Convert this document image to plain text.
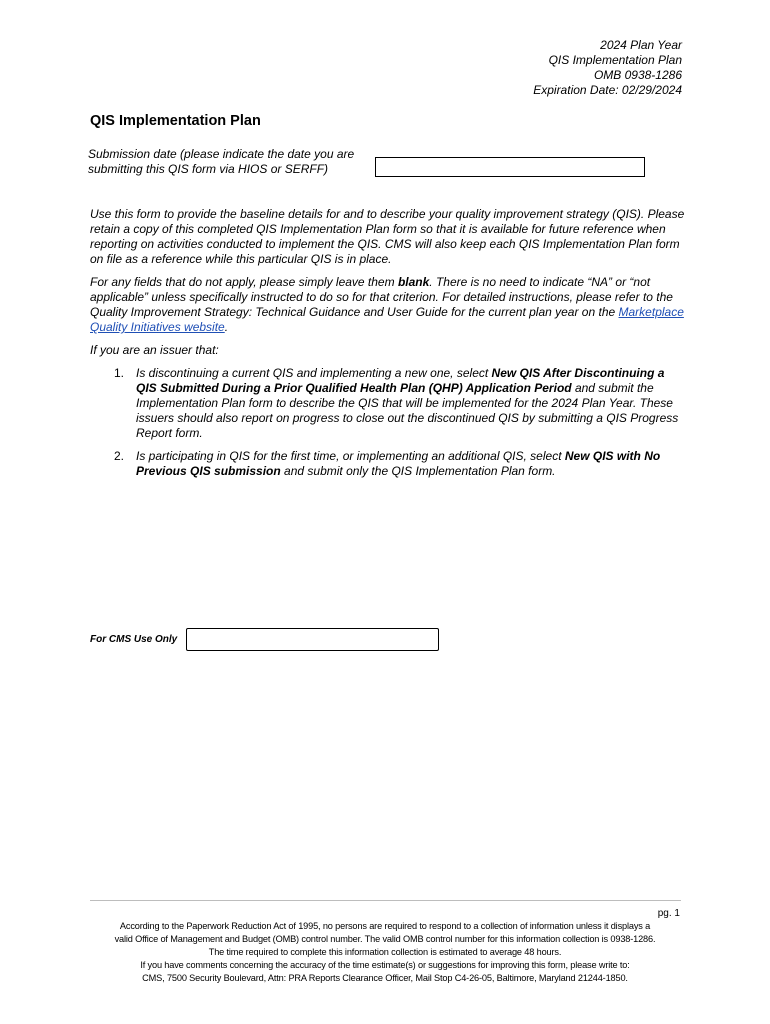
2024 Plan Year
QIS Implementation Plan
OMB 0938-1286
Expiration Date: 02/29/2024
QIS Implementation Plan
Submission date (please indicate the date you are submitting this QIS form via HIOS or SERFF)

Use this form to provide the baseline details for and to describe your quality improvement strategy (QIS). Please retain a copy of this completed QIS Implementation Plan form so that it is available for future reference when reporting on activities conducted to implement the QIS. CMS will also keep each QIS Implementation Plan form on file as a reference while this particular QIS is in place.

For any fields that do not apply, please simply leave them blank. There is no need to indicate “NA” or “not applicable” unless specifically instructed to do so for that criterion. For detailed instructions, please refer to the Quality Improvement Strategy: Technical Guidance and User Guide for the current plan year on the Marketplace Quality Initiatives website.

If you are an issuer that:

1. Is discontinuing a current QIS and implementing a new one, select New QIS After Discontinuing a QIS Submitted During a Prior Qualified Health Plan (QHP) Application Period and submit the Implementation Plan form to describe the QIS that will be implemented for the 2024 Plan Year. These issuers should also report on progress to close out the discontinued QIS by submitting a QIS Progress Report form.
2. Is participating in QIS for the first time, or implementing an additional QIS, select New QIS with No Previous QIS submission and submit only the QIS Implementation Plan form.
For CMS Use Only
pg. 1
According to the Paperwork Reduction Act of 1995, no persons are required to respond to a collection of information unless it displays a
valid Office of Management and Budget (OMB) control number. The valid OMB control number for this information collection is 0938-1286.
The time required to complete this information collection is estimated to average 48 hours.
If you have comments concerning the accuracy of the time estimate(s) or suggestions for improving this form, please write to:
CMS, 7500 Security Boulevard, Attn: PRA Reports Clearance Officer, Mail Stop C4-26-05, Baltimore, Maryland 21244-1850.
